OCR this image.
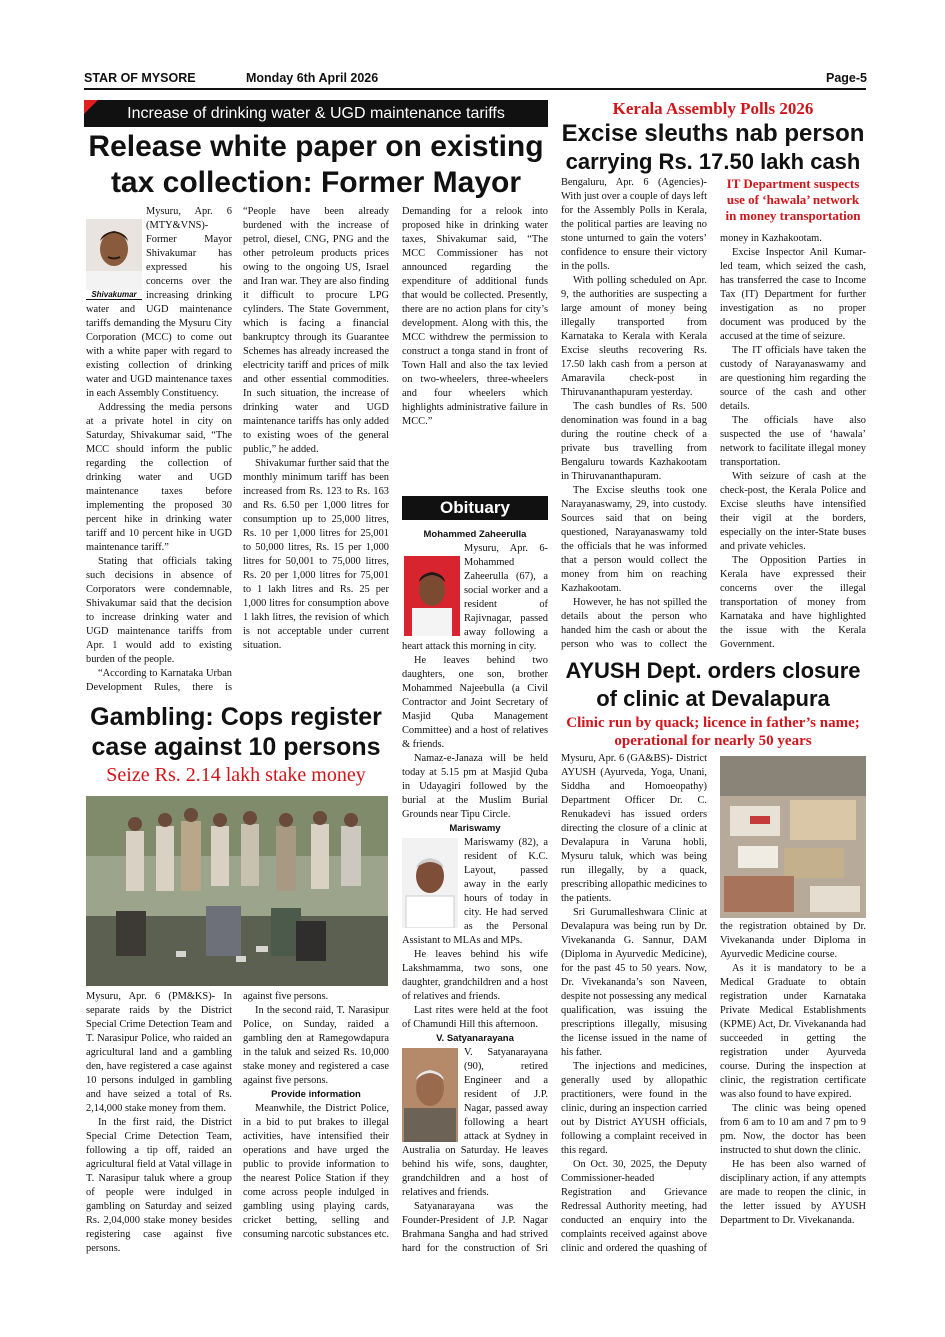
STAR OF MYSORE	Monday 6th April 2026	Page-5
Increase of drinking water & UGD maintenance tariffs
Release white paper on existing
tax collection: Former Mayor
Shivakumar

Mysuru, Apr. 6 (MTY&VNS)- Former Mayor Shivakumar has expressed his concerns over the increasing drinking water and UGD maintenance tariffs demanding the Mysuru City Corporation (MCC) to come out with a white paper with regard to existing collection of drinking water and UGD maintenance taxes in each Assembly Constituency.

Addressing the media persons at a private hotel in city on Saturday, Shivakumar said, “The MCC should inform the public regarding the collection of drinking water and UGD maintenance taxes before implementing the proposed 30 percent hike in drinking water tariff and 10 percent hike in UGD maintenance tariff.”

Stating that officials taking such decisions in absence of Corporators were condemnable, Shivakumar said that the decision to increase drinking water and UGD maintenance tariffs from Apr. 1 would add to existing burden of the people.

“According to Karnataka Urban Development Rules, there is

“People have been already burdened with the increase of petrol, diesel, CNG, PNG and the other petroleum products prices owing to the ongoing US, Israel and Iran war. They are also finding it difficult to procure LPG cylinders. The State Government, which is facing a financial bankruptcy through its Guarantee Schemes has already increased the electricity tariff and prices of milk and other essential commodities. In such situation, the increase of drinking water and UGD maintenance tariffs has only added to existing woes of the general public,” he added.

Shivakumar further said that the monthly minimum tariff has been increased from Rs. 123 to Rs. 163 and Rs. 6.50 per 1,000 litres for consumption up to 25,000 litres, Rs. 10 per 1,000 litres for 25,001 to 50,000 litres, Rs. 15 per 1,000 litres for 50,001 to 75,000 litres, Rs. 20 per 1,000 litres for 75,001 to 1 lakh litres and Rs. 25 per 1,000 litres for consumption above 1 lakh litres, the revision of which is not acceptable under current situation.

Demanding for a relook into proposed hike in drinking water taxes, Shivakumar said, “The MCC Commissioner has not announced regarding the expenditure of additional funds that would be collected. Presently, there are no action plans for city’s development. Along with this, the MCC withdrew the permission to construct a tonga stand in front of Town Hall and also the tax levied on two-wheelers, three-wheelers and four wheelers which highlights administrative failure in MCC.”

Gambling: Cops register
case against 10 persons
Seize Rs. 2.14 lakh stake money

Mysuru, Apr. 6 (PM&KS)- In separate raids by the District Special Crime Detection Team and T. Narasipur Police, who raided an agricultural land and a gambling den, have registered a case against 10 persons indulged in gambling and have seized a total of Rs. 2,14,000 stake money from them.

In the first raid, the District Special Crime Detection Team, following a tip off, raided an agricultural field at Vatal village in T. Narasipur taluk where a group of people were indulged in gambling on Saturday and seized Rs. 2,04,000 stake money besides registering case against five persons.

against five persons.

In the second raid, T. Narasipur Police, on Sunday, raided a gambling den at Ramegowdapura in the taluk and seized Rs. 10,000 stake money and registered a case against five persons.

Provide information

Meanwhile, the District Police, in a bid to put brakes to illegal activities, have intensified their operations and have urged the public to provide information to the nearest Police Station if they come across people indulged in gambling using playing cards, cricket betting, selling and consuming narcotic substances etc.

Obituary
Mohammed Zaheerulla

Mysuru, Apr. 6- Mohammed Zaheerulla (67), a social worker and a resident of Rajivnagar, passed away following a heart attack this morning in city.

He leaves behind two daughters, one son, brother Mohammed Najeebulla (a Civil Contractor and Joint Secretary of Masjid Quba Management Committee) and a host of relatives & friends.

Namaz-e-Janaza will be held today at 5.15 pm at Masjid Quba in Udayagiri followed by the burial at the Muslim Burial Grounds near Tipu Circle.

Mariswamy

Mariswamy (82), a resident of K.C. Layout, passed away in the early hours of today in city. He had served as the Personal Assistant to MLAs and MPs.

He leaves behind his wife Lakshmamma, two sons, one daughter, grandchildren and a host of relatives and friends.

Last rites were held at the foot of Chamundi Hill this afternoon.

V. Satyanarayana

V. Satyanarayana (90), retired Engineer and a resident of J.P. Nagar, passed away following a heart attack at Sydney in Australia on Saturday. He leaves behind his wife, sons, daughter, grandchildren and a host of relatives and friends.

Satyanarayana was the Founder-President of J.P. Nagar Brahmana Sangha and had strived hard for the construction of Sri

Kerala Assembly Polls 2026
Excise sleuths nab person
carrying Rs. 17.50 lakh cash
IT Department suspects use of ‘hawala’ network in money transportation

Bengaluru, Apr. 6 (Agencies)- With just over a couple of days left for the Assembly Polls in Kerala, the political parties are leaving no stone unturned to gain the voters’ confidence to ensure their victory in the polls.

With polling scheduled on Apr. 9, the authorities are suspecting a large amount of money being illegally transported from Karnataka to Kerala with Kerala Excise sleuths recovering Rs. 17.50 lakh cash from a person at Amaravila check-post in Thiruvananthapuram yesterday.

The cash bundles of Rs. 500 denomination was found in a bag during the routine check of a private bus travelling from Bengaluru towards Kazhakootam in Thiruvananthapuram.

The Excise sleuths took one Narayanaswamy, 29, into custody. Sources said that on being questioned, Narayanaswamy told the officials that he was informed that a person would collect the money from him on reaching Kazhakootam.

However, he has not spilled the details about the person who handed him the cash or about the person who was to collect the

money in Kazhakootam.

Excise Inspector Anil Kumar-led team, which seized the cash, has transferred the case to Income Tax (IT) Department for further investigation as no proper document was produced by the accused at the time of seizure.

The IT officials have taken the custody of Narayanaswamy and are questioning him regarding the source of the cash and other details.

The officials have also suspected the use of ‘hawala’ network to facilitate illegal money transportation.

With seizure of cash at the check-post, the Kerala Police and Excise sleuths have intensified their vigil at the borders, especially on the inter-State buses and private vehicles.

The Opposition Parties in Kerala have expressed their concerns over the illegal transportation of money from Karnataka and have highlighted the issue with the Kerala Government.

AYUSH Dept. orders closure
of clinic at Devalapura
Clinic run by quack; licence in father’s name; operational for nearly 50 years

Mysuru, Apr. 6 (GA&BS)- District AYUSH (Ayurveda, Yoga, Unani, Siddha and Homoeopathy) Department Officer Dr. C. Renukadevi has issued orders directing the closure of a clinic at Devalapura in Varuna hobli, Mysuru taluk, which was being run illegally, by a quack, prescribing allopathic medicines to the patients.

Sri Gurumalleshwara Clinic at Devalapura was being run by Dr. Vivekananda G. Sannur, DAM (Diploma in Ayurvedic Medicine), for the past 45 to 50 years. Now, Dr. Vivekananda’s son Naveen, despite not possessing any medical qualification, was issuing the prescriptions illegally, misusing the license issued in the name of his father.

The injections and medicines, generally used by allopathic practitioners, were found in the clinic, during an inspection carried out by District AYUSH officials, following a complaint received in this regard.

On Oct. 30, 2025, the Deputy Commissioner-headed Registration and Grievance Redressal Authority meeting, had conducted an enquiry into the complaints received against above clinic and ordered the quashing of

the registration obtained by Dr. Vivekananda under Diploma in Ayurvedic Medicine course.

As it is mandatory to be a Medical Graduate to obtain registration under Karnataka Private Medical Establishments (KPME) Act, Dr. Vivekananda had succeeded in getting the registration under Ayurveda course. During the inspection at clinic, the registration certificate was also found to have expired.

The clinic was being opened from 6 am to 10 am and 7 pm to 9 pm. Now, the doctor has been instructed to shut down the clinic.

He has been also warned of disciplinary action, if any attempts are made to reopen the clinic, in the letter issued by AYUSH Department to Dr. Vivekananda.
